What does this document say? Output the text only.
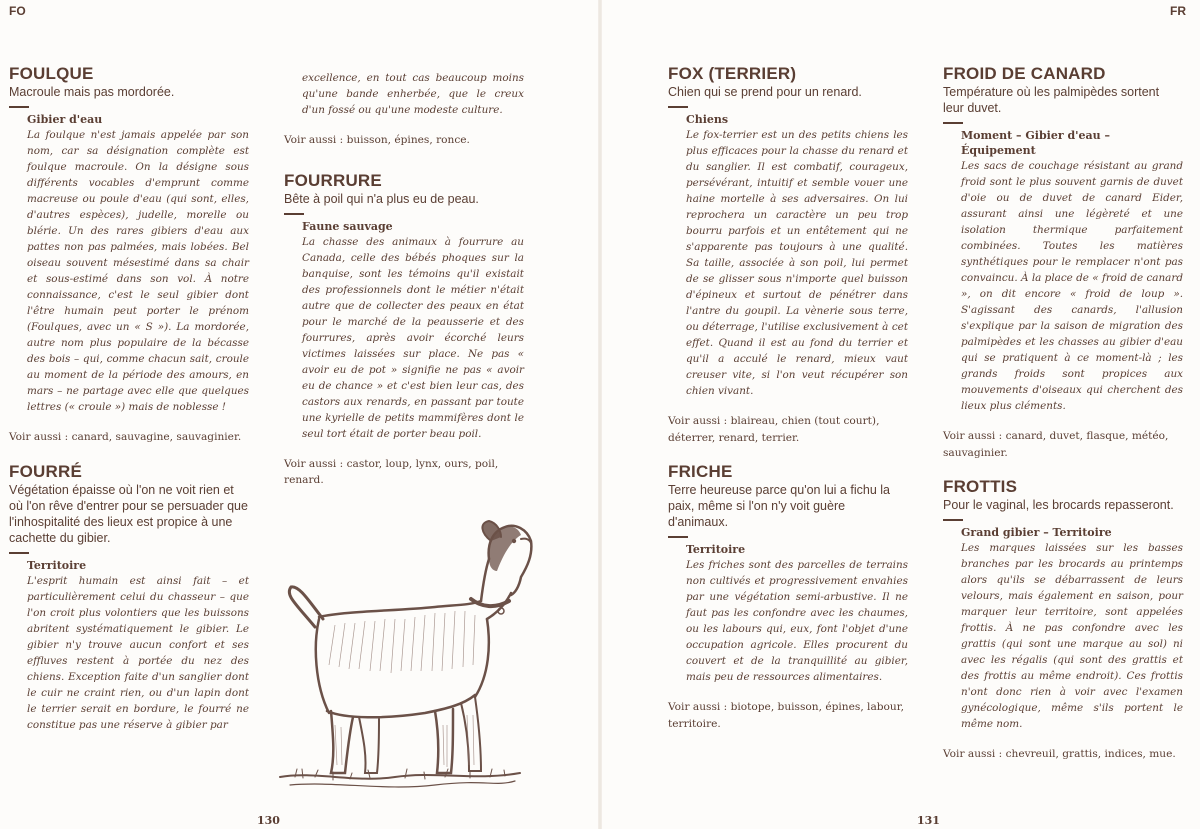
FO	FR
FOULQUE

Macroule mais pas mordorée.

Gibier d'eau

La foulque n'est jamais appelée par son nom, car sa désignation complète est foulque macroule. On la désigne sous différents vocables d'emprunt comme macreuse ou poule d'eau (qui sont, elles, d'autres espèces), judelle, morelle ou blérie. Un des rares gibiers d'eau aux pattes non pas palmées, mais lobées. Bel oiseau souvent mésestimé dans sa chair et sous-estimé dans son vol. À notre connaissance, c'est le seul gibier dont l'être humain peut porter le prénom (Foulques, avec un « S »). La mordorée, autre nom plus populaire de la bécasse des bois – qui, comme chacun sait, croule au moment de la période des amours, en mars – ne partage avec elle que quelques lettres (« croule ») mais de noblesse !

Voir aussi : canard, sauvagine, sauvaginier.

FOURRÉ

Végétation épaisse où l'on ne voit rien et où l'on rêve d'entrer pour se persuader que l'inhospitalité des lieux est propice à une cachette du gibier.

Territoire

L'esprit humain est ainsi fait – et particulièrement celui du chasseur – que l'on croit plus volontiers que les buissons abritent systématiquement le gibier. Le gibier n'y trouve aucun confort et ses effluves restent à portée du nez des chiens. Exception faite d'un sanglier dont le cuir ne craint rien, ou d'un lapin dont le terrier serait en bordure, le fourré ne constitue pas une réserve à gibier par

excellence, en tout cas beaucoup moins qu'une bande enherbée, que le creux d'un fossé ou qu'une modeste culture.

Voir aussi : buisson, épines, ronce.

FOURRURE

Bête à poil qui n'a plus eu de peau.

Faune sauvage

La chasse des animaux à fourrure au Canada, celle des bébés phoques sur la banquise, sont les témoins qu'il existait des professionnels dont le métier n'était autre que de collecter des peaux en état pour le marché de la peausserie et des fourrures, après avoir écorché leurs victimes laissées sur place. Ne pas « avoir eu de pot » signifie ne pas « avoir eu de chance » et c'est bien leur cas, des castors aux renards, en passant par toute une kyrielle de petits mammifères dont le seul tort était de porter beau poil.

Voir aussi : castor, loup, lynx, ours, poil, renard.

FOX (TERRIER)

Chien qui se prend pour un renard.

Chiens

Le fox-terrier est un des petits chiens les plus efficaces pour la chasse du renard et du sanglier. Il est combatif, courageux, persévérant, intuitif et semble vouer une haine mortelle à ses adversaires. On lui reprochera un caractère un peu trop bourru parfois et un entêtement qui ne s'apparente pas toujours à une qualité. Sa taille, associée à son poil, lui permet de se glisser sous n'importe quel buisson d'épineux et surtout de pénétrer dans l'antre du goupil. La vènerie sous terre, ou déterrage, l'utilise exclusivement à cet effet. Quand il est au fond du terrier et qu'il a acculé le renard, mieux vaut creuser vite, si l'on veut récupérer son chien vivant.

Voir aussi : blaireau, chien (tout court), déterrer, renard, terrier.

FRICHE

Terre heureuse parce qu'on lui a fichu la paix, même si l'on n'y voit guère d'animaux.

Territoire

Les friches sont des parcelles de terrains non cultivés et progressivement envahies par une végétation semi-arbustive. Il ne faut pas les confondre avec les chaumes, ou les labours qui, eux, font l'objet d'une occupation agricole. Elles procurent du couvert et de la tranquillité au gibier, mais peu de ressources alimentaires.

Voir aussi : biotope, buisson, épines, labour, territoire.

FROID DE CANARD

Température où les palmipèdes sortent leur duvet.

Moment – Gibier d'eau – Équipement

Les sacs de couchage résistant au grand froid sont le plus souvent garnis de duvet d'oie ou de duvet de canard Eider, assurant ainsi une légèreté et une isolation thermique parfaitement combinées. Toutes les matières synthétiques pour le remplacer n'ont pas convaincu. À la place de « froid de canard », on dit encore « froid de loup ». S'agissant des canards, l'allusion s'explique par la saison de migration des palmipèdes et les chasses au gibier d'eau qui se pratiquent à ce moment-là ; les grands froids sont propices aux mouvements d'oiseaux qui cherchent des lieux plus cléments.

Voir aussi : canard, duvet, flasque, météo, sauvaginier.

FROTTIS

Pour le vaginal, les brocards repasseront.

Grand gibier – Territoire

Les marques laissées sur les basses branches par les brocards au printemps alors qu'ils se débarrassent de leurs velours, mais également en saison, pour marquer leur territoire, sont appelées frottis. À ne pas confondre avec les grattis (qui sont une marque au sol) ni avec les régalis (qui sont des grattis et des frottis au même endroit). Ces frottis n'ont donc rien à voir avec l'examen gynécologique, même s'ils portent le même nom.

Voir aussi : chevreuil, grattis, indices, mue.

130	131
